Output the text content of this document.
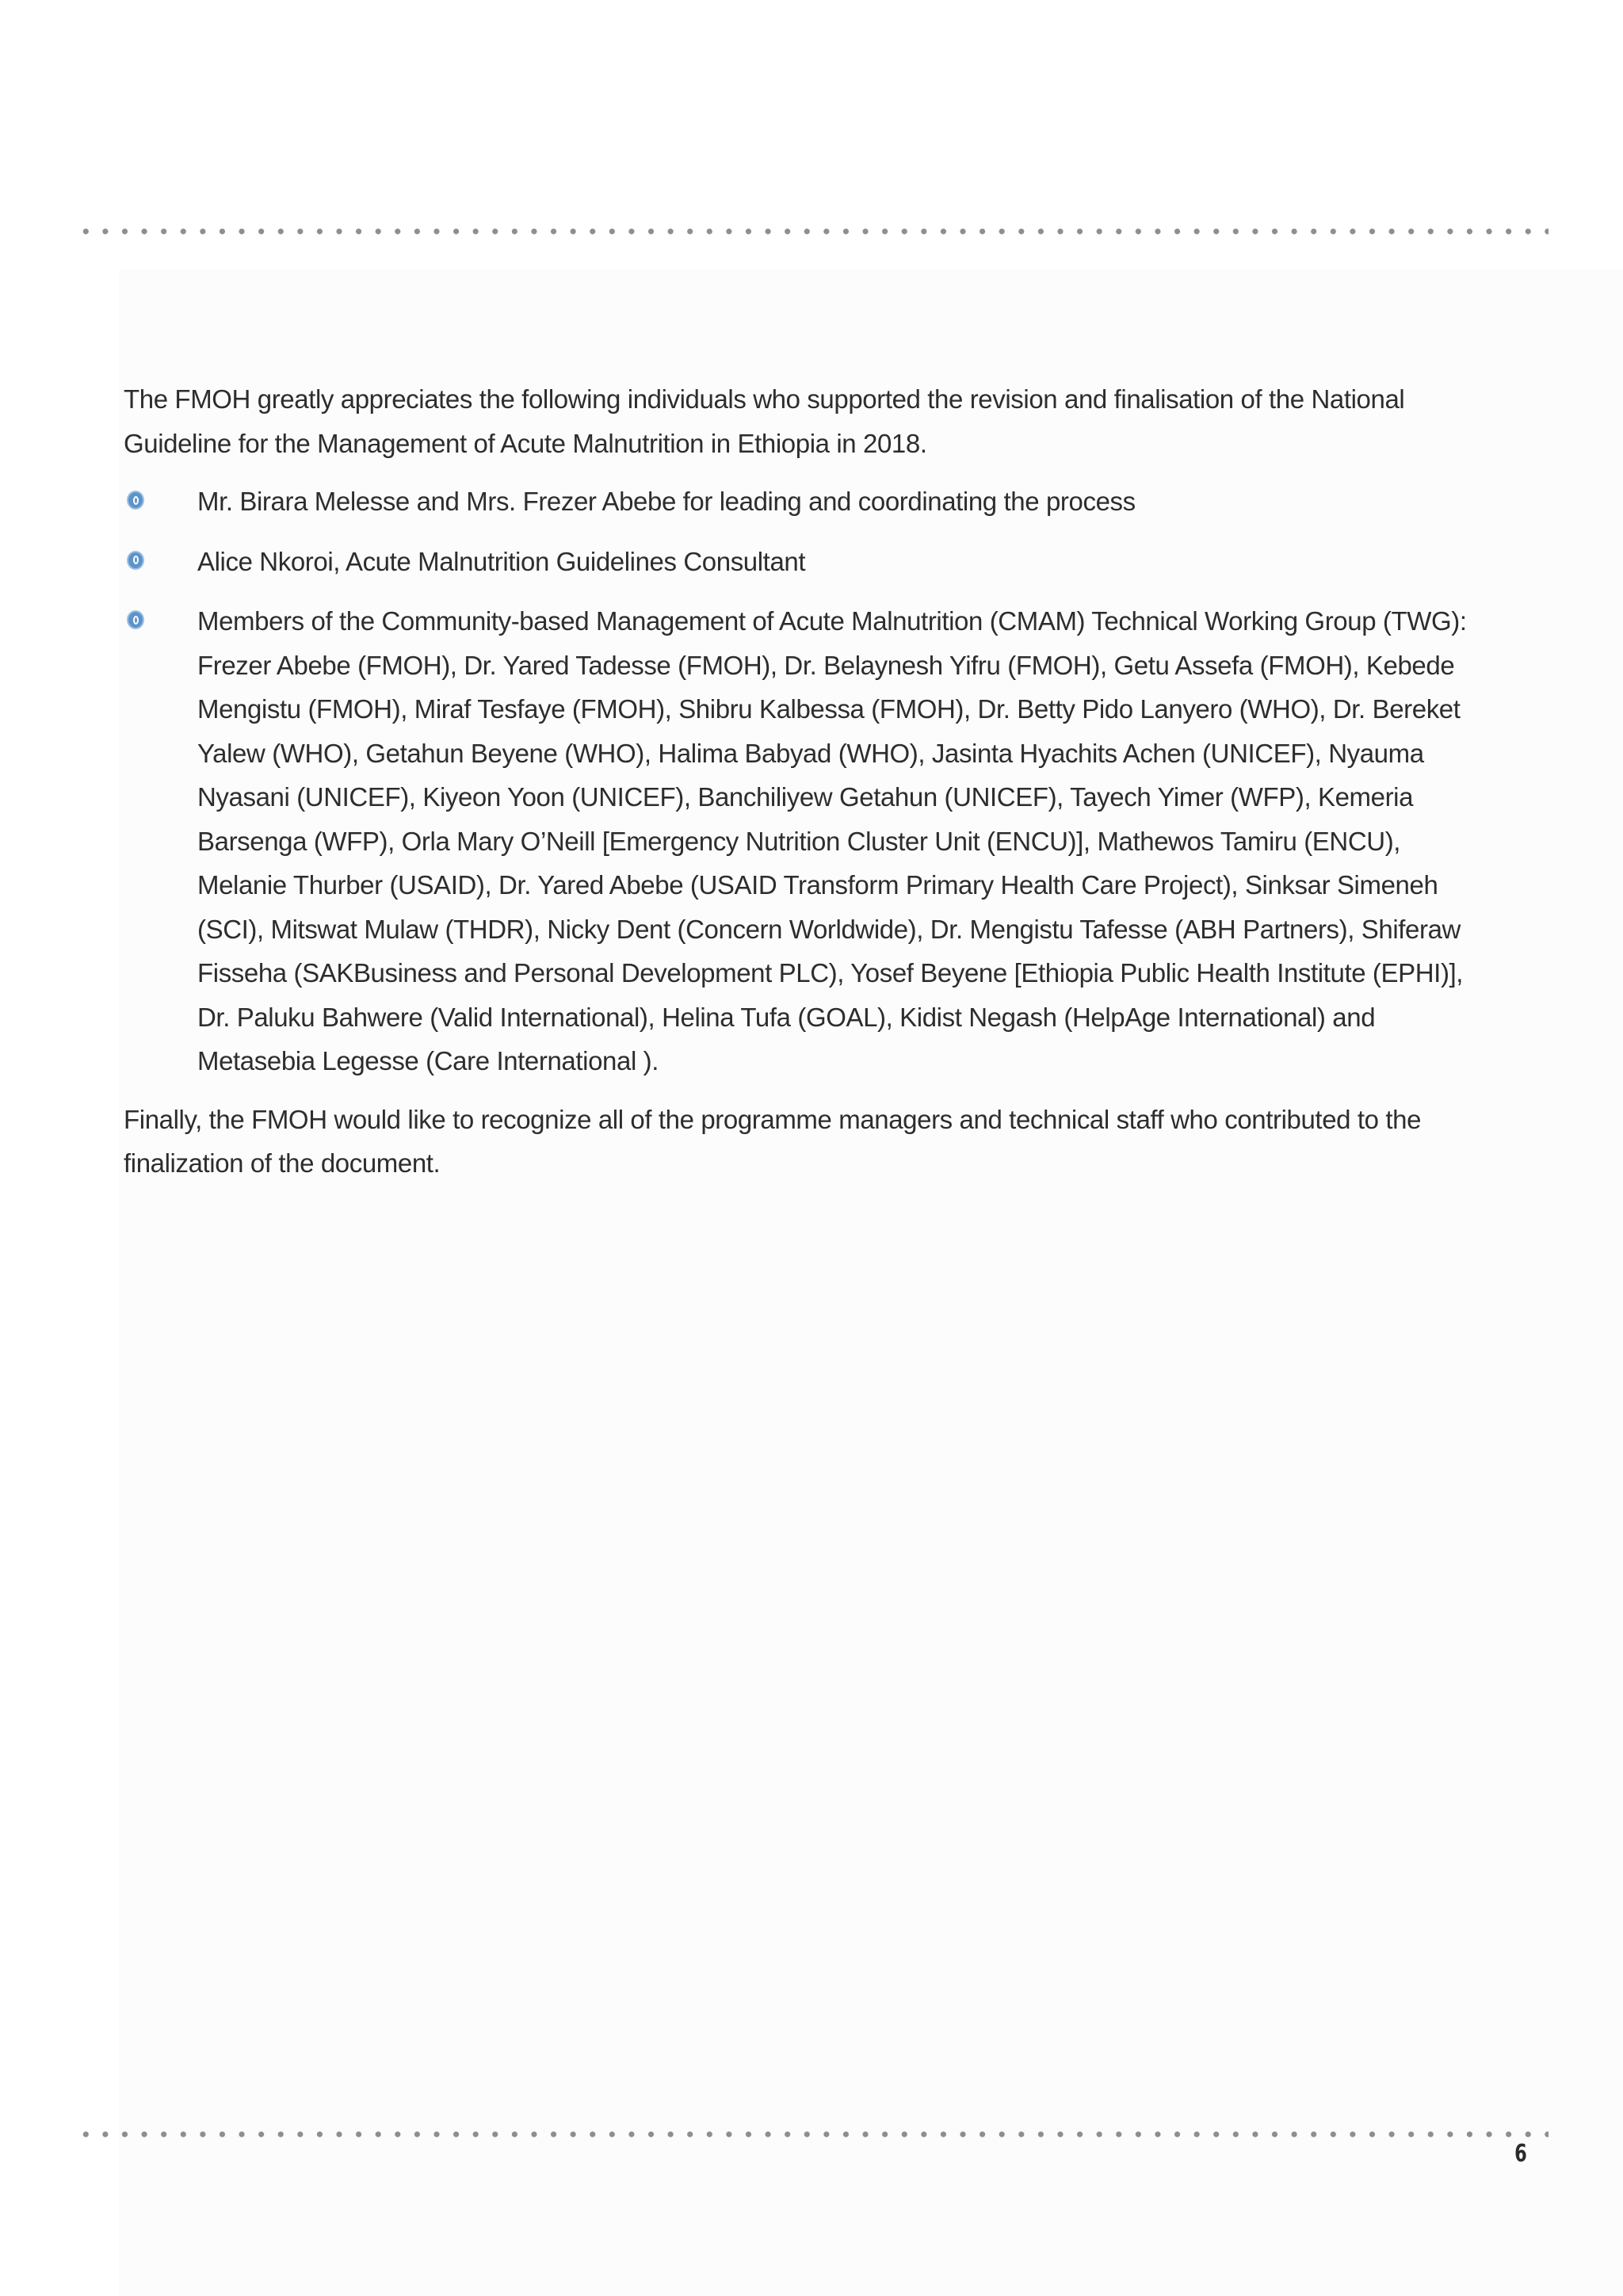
The FMOH greatly appreciates the following individuals who supported the revision and finalisation of the National Guideline for the Management of Acute Malnutrition in Ethiopia in 2018.

Mr. Birara Melesse and Mrs. Frezer Abebe for leading and coordinating the process
Alice Nkoroi, Acute Malnutrition Guidelines Consultant
Members of the Community-based Management of Acute Malnutrition (CMAM) Technical Working Group (TWG): Frezer Abebe (FMOH), Dr. Yared Tadesse (FMOH), Dr. Belaynesh Yifru (FMOH), Getu Assefa (FMOH), Kebede Mengistu (FMOH), Miraf Tesfaye (FMOH), Shibru Kalbessa (FMOH), Dr. Betty Pido Lanyero (WHO), Dr. Bereket Yalew (WHO), Getahun Beyene (WHO), Halima Babyad (WHO), Jasinta Hyachits Achen (UNICEF), Nyauma Nyasani (UNICEF), Kiyeon Yoon (UNICEF), Banchiliyew Getahun (UNICEF), Tayech Yimer (WFP), Kemeria Barsenga (WFP), Orla Mary O’Neill [Emergency Nutrition Cluster Unit (ENCU)], Mathewos Tamiru (ENCU), Melanie Thurber (USAID), Dr. Yared Abebe (USAID Transform Primary Health Care Project), Sinksar Simeneh (SCI), Mitswat Mulaw (THDR), Nicky Dent (Concern Worldwide), Dr. Mengistu Tafesse (ABH Partners), Shiferaw Fisseha (SAKBusiness and Personal Development PLC), Yosef Beyene [Ethiopia Public Health Institute (EPHI)], Dr. Paluku Bahwere (Valid International), Helina Tufa (GOAL), Kidist Negash (HelpAge International) and Metasebia Legesse (Care International ).

Finally, the FMOH would like to recognize all of the programme managers and technical staff who contributed to the finalization of the document.

6
